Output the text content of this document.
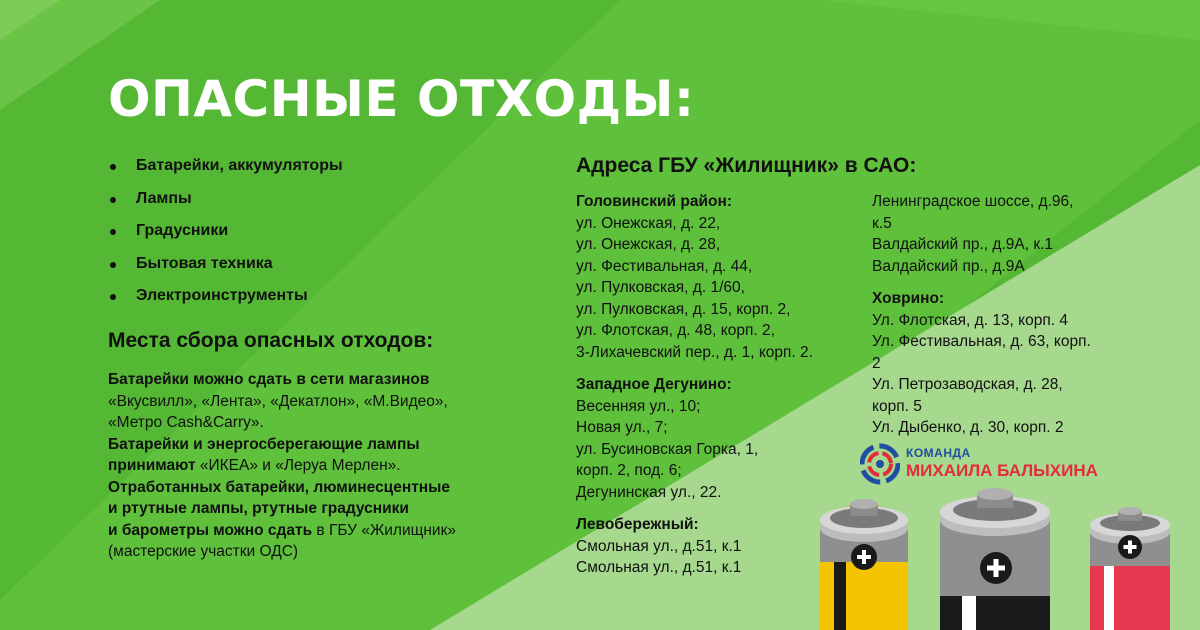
ОПАСНЫЕ ОТХОДЫ:
Батарейки, аккумуляторы
Лампы
Градусники
Бытовая техника
Электроинструменты
Места сбора опасных отходов:

Батарейки можно сдать в сети магазинов

«Вкусвилл», «Лента», «Декатлон», «М.Видео»,

«Метро Cash&Carry».

Батарейки и энергосберегающие лампы

принимают «ИКЕА» и «Леруа Мерлен».

Отработанных батарейки, люминесцентные

и ртутные лампы, ртутные градусники

и барометры можно сдать в ГБУ «Жилищник»

(мастерские участки ОДС)

Адреса ГБУ «Жилищник» в САО:
Головинский район:
ул. Онежская, д. 22,
ул. Онежская, д. 28,
ул. Фестивальная, д. 44,
ул. Пулковская, д. 1/60,
ул. Пулковская, д. 15, корп. 2,
ул. Флотская, д. 48, корп. 2,
3-Лихачевский пер., д. 1, корп. 2.
Западное Дегунино:
Весенняя ул., 10;
Новая ул., 7;
ул. Бусиновская Горка, 1,
корп. 2, под. 6;
Дегунинская ул., 22.
Левобережный:
Смольная ул., д.51, к.1
Смольная ул., д.51, к.1
Ленинградское шоссе, д.96,
к.5
Валдайский пр., д.9А, к.1
Валдайский пр., д.9А
Ховрино:
Ул. Флотская, д. 13, корп. 4
Ул. Фестивальная, д. 63, корп.
2
Ул. Петрозаводская, д. 28,
корп. 5
Ул. Дыбенко, д. 30, корп. 2
КОМАНДА
МИХАИЛА БАЛЫХИНА
